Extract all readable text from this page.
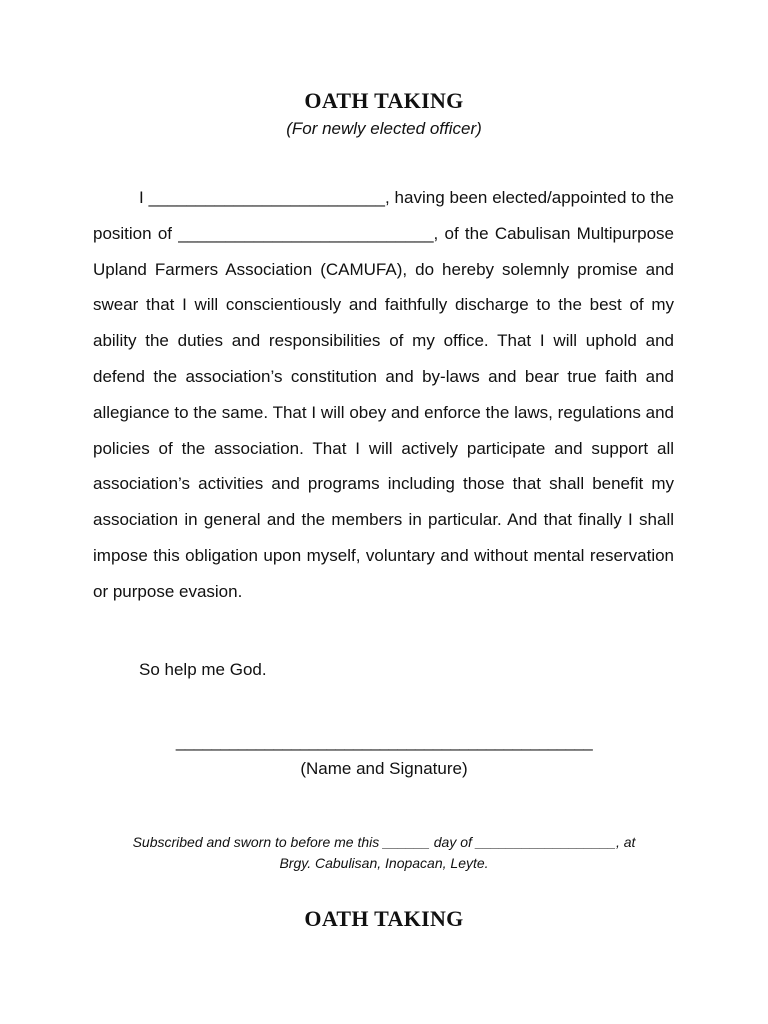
OATH TAKING
(For newly elected officer)

I _________________________, having been elected/appointed to the position of ___________________________, of the Cabulisan Multipurpose Upland Farmers Association (CAMUFA), do hereby solemnly promise and swear that I will conscientiously and faithfully discharge to the best of my ability the duties and responsibilities of my office. That I will uphold and defend the association’s constitution and by-laws and bear true faith and allegiance to the same. That I will obey and enforce the laws, regulations and policies of the association. That I will actively participate and support all association’s activities and programs including those that shall benefit my association in general and the members in particular. And that finally I shall impose this obligation upon myself, voluntary and without mental reservation or purpose evasion.

So help me God.
_______________________________________________
(Name and Signature)
Subscribed and sworn to before me this ______ day of __________________, at
Brgy. Cabulisan, Inopacan, Leyte.
OATH TAKING
